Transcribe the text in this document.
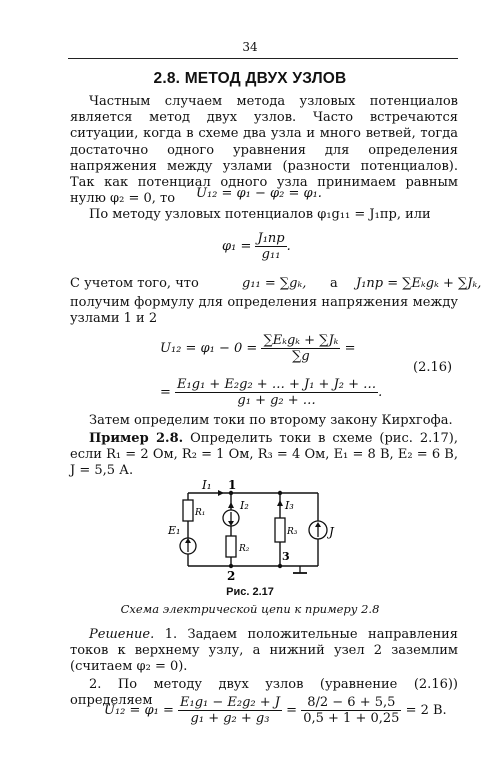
34
2.8. МЕТОД ДВУХ УЗЛОВ
Частным случаем метода узловых потенциалов является метод двух узлов. Часто встречаются ситуации, когда в схеме два узла и много ветвей, тогда достаточно одного уравнения для определения напряжения между узлами (разности потенциалов). Так как потенциал одного узла принимаем равным нулю φ₂ = 0, то	U₁₂ = φ₁ − φ₂ = φ₁.
По методу узловых потенциалов φ₁g₁₁ = J₁пр, или
$\varphi_1 = \frac{\text{J₁пр}}{\text{g₁₁}}$ .
С учетом того, что	g₁₁ = ∑gₖ, а J₁пр = ∑Eₖgₖ + ∑Jₖ,
получим формулу для определения напряжения между узлами 1 и 2
$U_{12} = \varphi_1 - 0 = \frac{\text{∑Eₖgₖ + ∑Jₖ}}{\sum g}$ =
(2.16)
= $\frac{\text{E₁g₁ + E₂g₂ + … + J₁ + J₂ + …}}{\text{g₁ + g₂ + …}}$ .
Затем определим токи по второму закону Кирхгофа.
Пример 2.8. Определить токи в схеме (рис. 2.17), если R₁ = 2 Ом, R₂ = 1 Ом, R₃ = 4 Ом, E₁ = 8 В, E₂ = 6 В, J = 5,5 А.
I₁ 1
I₂
R₁
E₁
R₂
2
I₃
R₃
3
J
Рис. 2.17
Схема электрической цепи к примеру 2.8
Решение. 1. Задаем положительные направления токов к верхнему узлу, а нижний узел 2 заземлим (считаем φ₂ = 0).
2. По методу двух узлов (уравнение (2.16)) определяем
$U_{12} = \varphi_1 = \frac{\text{E₁g₁ − E₂g₂ + J}}{\text{g₁ + g₂ + g₃}} = \frac{8/2 - 6 + 5,5}{0,5 + 1 + 0,25} = 2$ В.
